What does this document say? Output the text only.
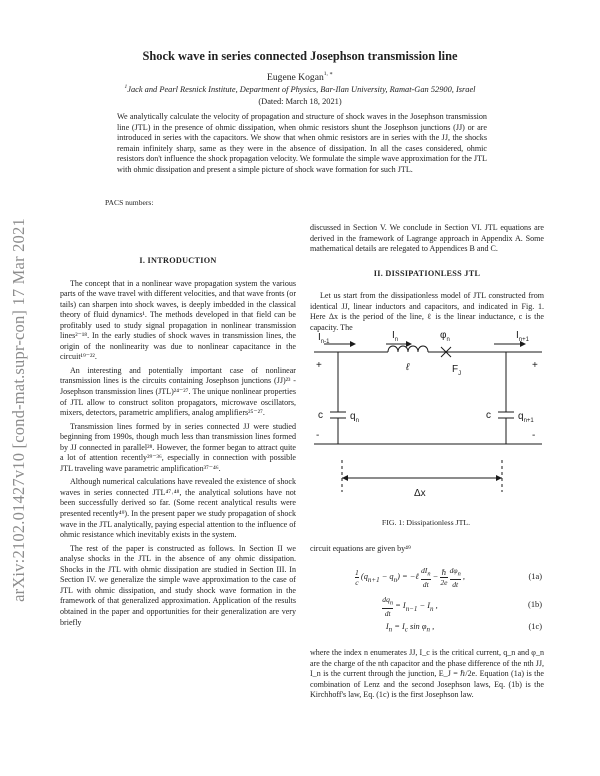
arXiv:2102.01427v10 [cond-mat.supr-con] 17 Mar 2021
Shock wave in series connected Josephson transmission line
Eugene Kogan$^{1, ∗}$
$^1$Jack and Pearl Resnick Institute, Department of Physics, Bar-Ilan University, Ramat-Gan 52900, Israel
(Dated: March 18, 2021)
We analytically calculate the velocity of propagation and structure of shock waves in the Josephson transmission line (JTL) in the presence of ohmic dissipation, when ohmic resistors shunt the Josephson junctions (JJ) or are introduced in series with the capacitors. We show that when ohmic resistors are in series with the JJ, the shocks remain infinitely sharp, same as they were in the absence of dissipation. In all the cases considered, ohmic resistors don't influence the shock propagation velocity. We formulate the simple wave approximation for the JTL with ohmic dissipation and present a simple picture of shock wave formation for such JTL.
PACS numbers:
I. INTRODUCTION

The concept that in a nonlinear wave propagation system the various parts of the wave travel with different velocities, and that wave fronts (or tails) can sharpen into shock waves, is deeply imbedded in the classical theory of fluid dynamics¹. The methods developed in that field can be profitably used to study signal propagation in nonlinear transmission lines²⁻¹⁸. In the early studies of shock waves in transmission lines, the origin of the nonlinearity was due to nonlinear capacitance in the circuit¹⁹⁻²².

An interesting and potentially important case of nonlinear transmission lines is the circuits containing Josephson junctions (JJ)²³ - Josephson transmission lines (JTL)²⁴⁻²⁷. The unique nonlinear properties of JTL allow to construct soliton propagators, microwave oscillators, mixers, detectors, parametric amplifiers, analog amplifiers²⁵⁻²⁷.

Transmission lines formed by in series connected JJ were studied beginning from 1990s, though much less than transmission lines formed by JJ connected in parallel²⁸. However, the former began to attract quite a lot of attention recently²⁹⁻³⁶, especially in connection with possible JTL traveling wave parametric amplification³⁷⁻⁴⁶.

Although numerical calculations have revealed the existence of shock waves in series connected JTL⁴⁷˒⁴⁸, the analytical solutions have not been successfully derived so far. (Some recent analytical results were presented recently⁴⁹). In the present paper we study propagation of shock wave in the JTL analytically, paying especial attention to the influence of ohmic resistance which inevitably exists in the system.

The rest of the paper is constructed as follows. In Section II we analyse shocks in the JTL in the absence of any ohmic dissipation. Shocks in the JTL with ohmic dissipation are studied in Section III. In Section IV. we generalize the simple wave approximation to the case of JTL with ohmic dissipation, and study shock wave formation in the framework of that generalized approximation. Application of the results obtained in the paper and opportunities for their generalization are very briefly

discussed in Section V. We conclude in Section VI. JTL equations are derived in the framework of Lagrange approach in Appendix A. Some mathematical details are relegated to Appendices B and C.

II. DISSIPATIONLESS JTL

Let us start from the dissipationless model of JTL constructed from identical JJ, linear inductors and capacitors, and indicated in Fig. 1. Here Δx is the period of the line, ℓ is the linear inductance, c is the capacity. The

$I_{n-1}$
$I_n$	$\varphi_n$	$I_{n+1}$
ℓ	$F_J$
c	$q_n$	c	$q_{n+1}$
+	+
-	-
Δx
FIG. 1: Dissipationless JTL.

circuit equations are given by⁴⁹

$\frac{1}{c} (q_{n+1} - q_n)$ = −ℓ $\frac{dI_n}{dt} - \frac{\text{ℏ}}{2e}$
$\frac{d\varphi_n}{dt}$ ,	(1a)
$\frac{dq_n}{dt} = I_{n-1} - I_n$ ,	(1b)
$I_n = I_c$ $\sin \varphi_n$ ,	(1c)

where the index n enumerates JJ, I_c is the critical current, q_n and φ_n are the charge of the nth capacitor and the phase difference of the nth JJ, I_n is the current through the junction, E_J = ℏ/2e. Equation (1a) is the combination of Lenz and the second Josephson laws, Eq. (1b) is the Kirchhoff's law, Eq. (1c) is the first Josephson law.
